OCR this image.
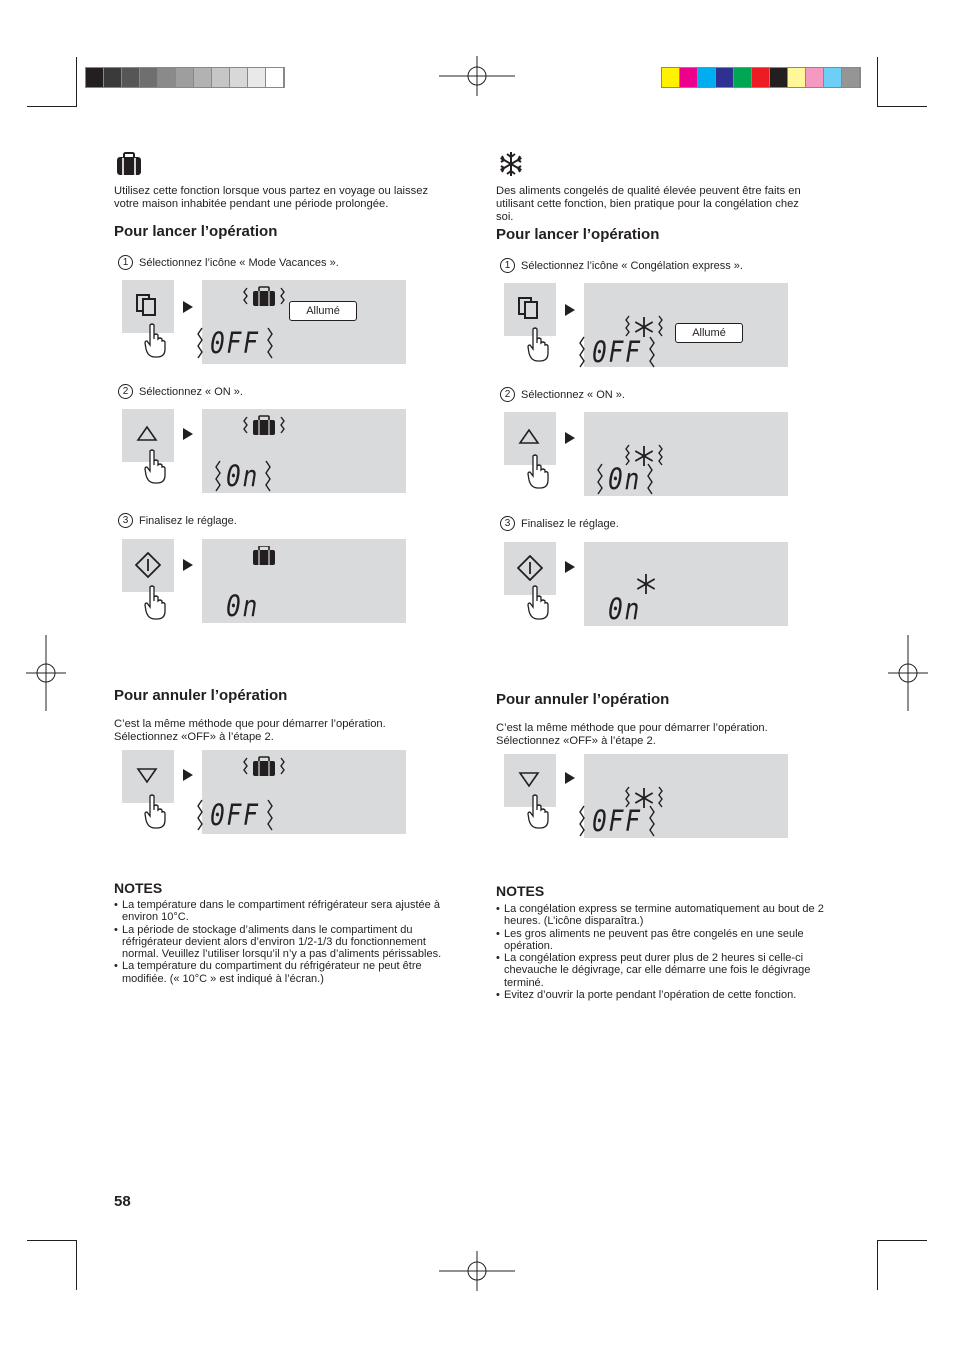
Utilisez cette fonction lorsque vous partez en voyage ou laissez
votre maison inhabitée pendant une période prolongée.
Pour lancer l’opération
1 Sélectionnez l’icône « Mode Vacances ».
Allumé
0FF
2 Sélectionnez « ON ».
0n
3 Finalisez le réglage.
0n
Pour annuler l’opération
C’est la même méthode que pour démarrer l’opération.
Sélectionnez «OFF» à l’étape 2.
0FF
NOTES
• La température dans le compartiment réfrigérateur sera ajustée à
environ 10°C.
• La période de stockage d’aliments dans le compartiment du
réfrigérateur devient alors d’environ 1/2-1/3 du fonctionnement
normal. Veuillez l’utiliser lorsqu’il n’y a pas d’aliments périssables.
• La température du compartiment du réfrigérateur ne peut être
modifiée. (« 10°C » est indiqué à l’écran.)
Des aliments congelés de qualité élevée peuvent être faits en
utilisant cette fonction, bien pratique pour la congélation chez
soi.
Pour lancer l’opération
1 Sélectionnez l’icône « Congélation express ».
Allumé
0FF
2 Sélectionnez « ON ».
0n
3 Finalisez le réglage.
0n
Pour annuler l’opération
C’est la même méthode que pour démarrer l’opération.
Sélectionnez «OFF» à l’étape 2.
0FF
NOTES
• La congélation express se termine automatiquement au bout de 2
heures. (L’icône disparaîtra.)
• Les gros aliments ne peuvent pas être congelés en une seule
opération.
• La congélation express peut durer plus de 2 heures si celle-ci
chevauche le dégivrage, car elle démarre une fois le dégivrage
terminé.
• Evitez d’ouvrir la porte pendant l’opération de cette fonction.
58
